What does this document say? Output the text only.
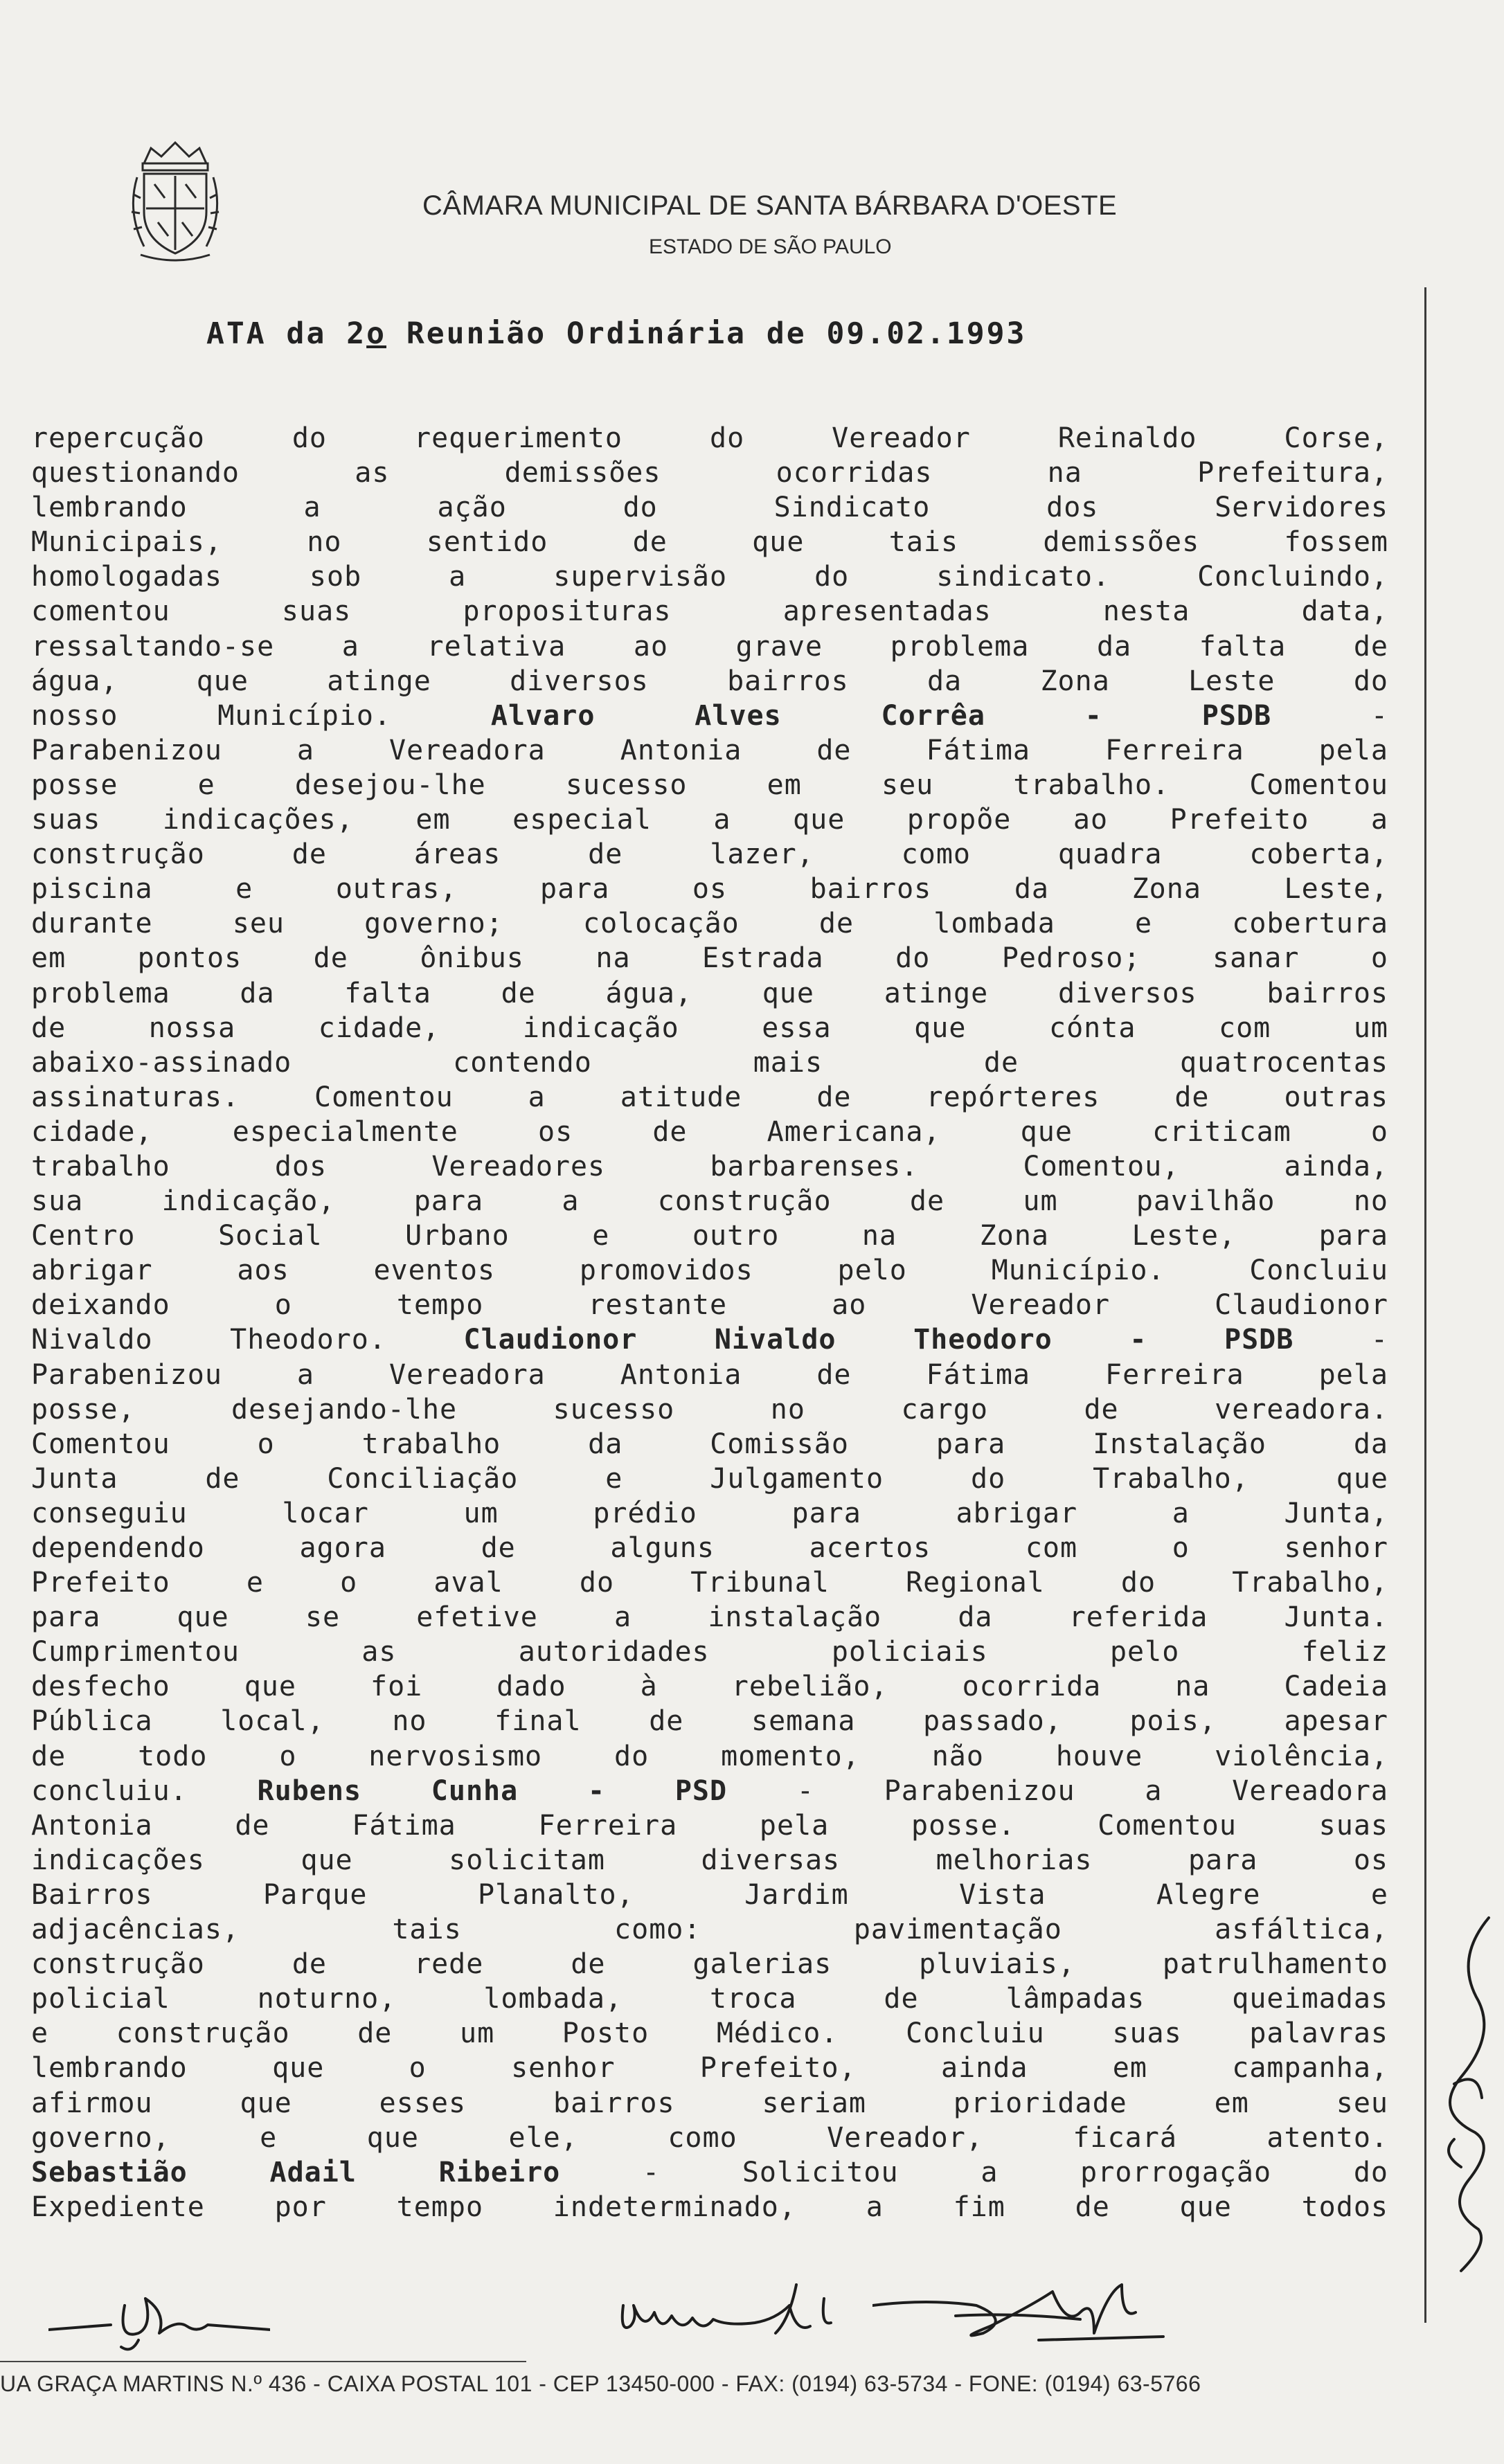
CÂMARA MUNICIPAL DE SANTA BÁRBARA D'OESTE
ESTADO DE SÃO PAULO
ATA da 2o Reunião Ordinária de 09.02.1993
repercução do requerimento do Vereador Reinaldo Corse,
questionando as demissões ocorridas na Prefeitura,
lembrando a ação do Sindicato dos Servidores
Municipais, no sentido de que tais demissões fossem
homologadas sob a supervisão do sindicato. Concluindo,
comentou suas proposituras apresentadas nesta data,
ressaltando-se a relativa ao grave problema da falta de
água, que atinge diversos bairros da Zona Leste do
nosso Município. Alvaro Alves Corrêa - PSDB -
Parabenizou a Vereadora Antonia de Fátima Ferreira pela
posse e desejou-lhe sucesso em seu trabalho. Comentou
suas indicações, em especial a que propõe ao Prefeito a
construção de áreas de lazer, como quadra coberta,
piscina e outras, para os bairros da Zona Leste,
durante seu governo; colocação de lombada e cobertura
em pontos de ônibus na Estrada do Pedroso; sanar o
problema da falta de água, que atinge diversos bairros
de nossa cidade, indicação essa que cónta com um
abaixo-assinado contendo mais de quatrocentas
assinaturas. Comentou a atitude de repórteres de outras
cidade, especialmente os de Americana, que criticam o
trabalho dos Vereadores barbarenses. Comentou, ainda,
sua indicação, para a construção de um pavilhão no
Centro Social Urbano e outro na Zona Leste, para
abrigar aos eventos promovidos pelo Município. Concluiu
deixando o tempo restante ao Vereador Claudionor
Nivaldo Theodoro. Claudionor Nivaldo Theodoro - PSDB -
Parabenizou a Vereadora Antonia de Fátima Ferreira pela
posse, desejando-lhe sucesso no cargo de vereadora.
Comentou o trabalho da Comissão para Instalação da
Junta de Conciliação e Julgamento do Trabalho, que
conseguiu locar um prédio para abrigar a Junta,
dependendo agora de alguns acertos com o senhor
Prefeito e o aval do Tribunal Regional do Trabalho,
para que se efetive a instalação da referida Junta.
Cumprimentou as autoridades policiais pelo feliz
desfecho que foi dado à rebelião, ocorrida na Cadeia
Pública local, no final de semana passado, pois, apesar
de todo o nervosismo do momento, não houve violência,
concluiu. Rubens Cunha - PSD - Parabenizou a Vereadora
Antonia de Fátima Ferreira pela posse. Comentou suas
indicações que solicitam diversas melhorias para os
Bairros Parque Planalto, Jardim Vista Alegre e
adjacências, tais como: pavimentação asfáltica,
construção de rede de galerias pluviais, patrulhamento
policial noturno, lombada, troca de lâmpadas queimadas
e construção de um Posto Médico. Concluiu suas palavras
lembrando que o senhor Prefeito, ainda em campanha,
afirmou que esses bairros seriam prioridade em seu
governo, e que ele, como Vereador, ficará atento.
Sebastião Adail Ribeiro - Solicitou a prorrogação do
Expediente por tempo indeterminado, a fim de que todos
UA GRAÇA MARTINS N.º 436 - CAIXA POSTAL 101 - CEP 13450-000 - FAX: (0194) 63-5734 - FONE: (0194) 63-5766
